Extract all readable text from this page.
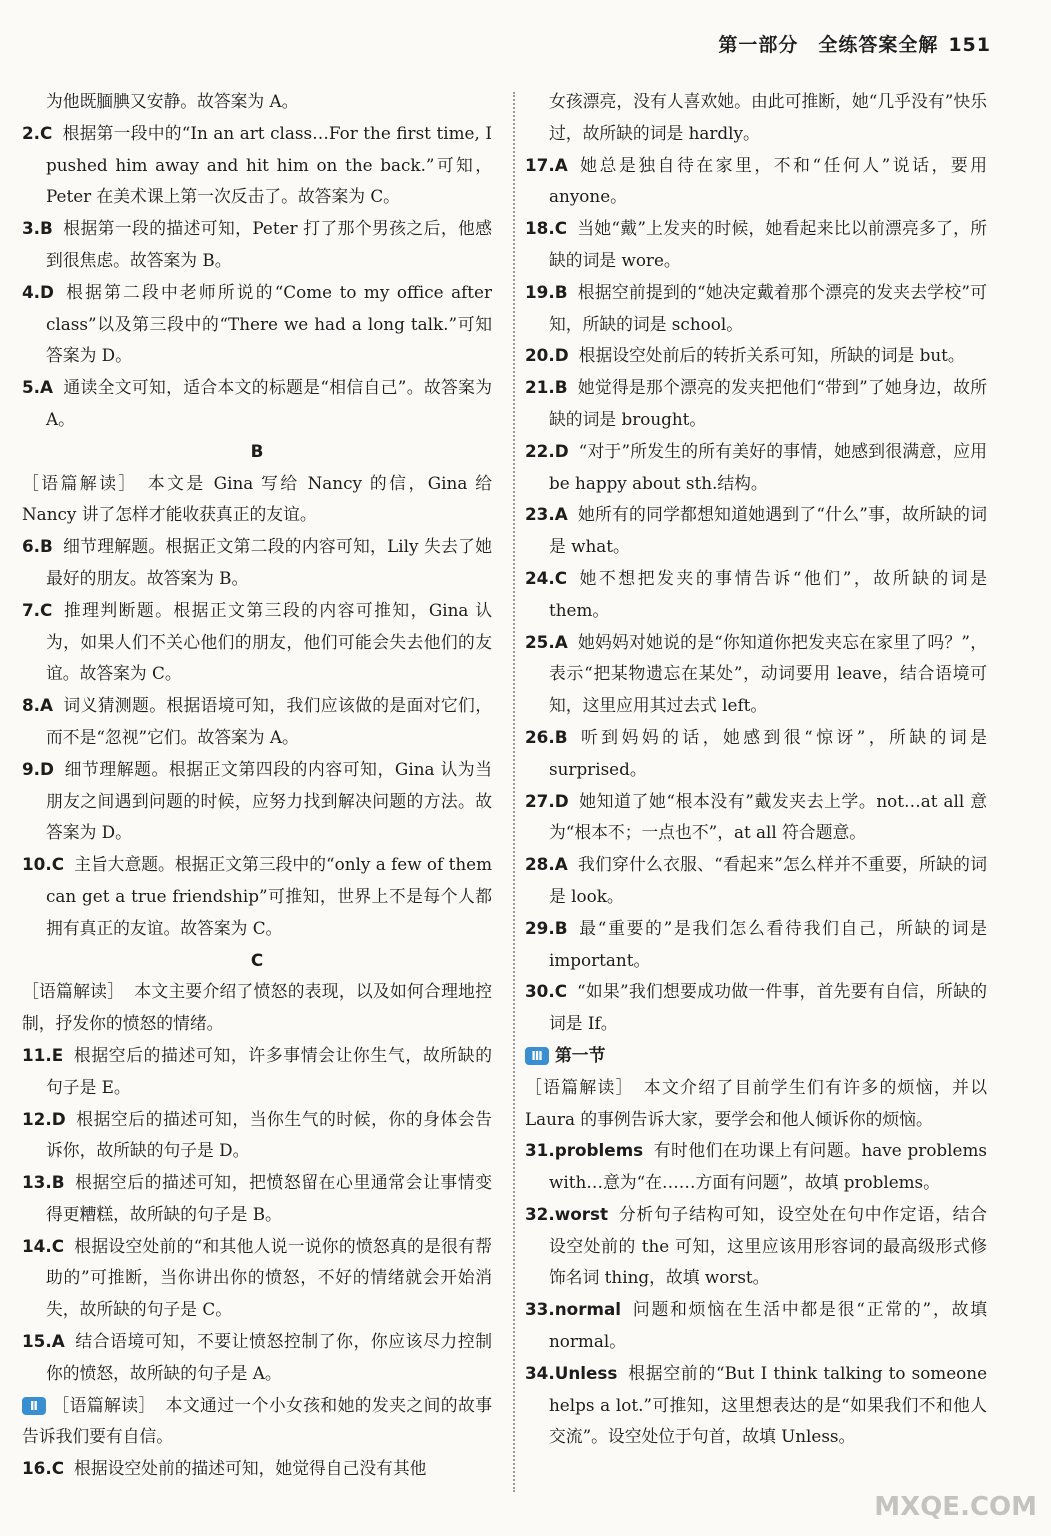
第一部分　全练答案全解 151
为他既腼腆又安静。故答案为 A。
2.C 根据第一段中的“In an art class…For the first time, I pushed him away and hit him on the back.”可知，Peter 在美术课上第一次反击了。故答案为 C。
3.B 根据第一段的描述可知，Peter 打了那个男孩之后，他感到很焦虑。故答案为 B。
4.D 根据第二段中老师所说的“Come to my office after class”以及第三段中的“There we had a long talk.”可知答案为 D。
5.A 通读全文可知，适合本文的标题是“相信自己”。故答案为 A。
B
［语篇解读］ 本文是 Gina 写给 Nancy 的信，Gina 给 Nancy 讲了怎样才能收获真正的友谊。
6.B 细节理解题。根据正文第二段的内容可知，Lily 失去了她最好的朋友。故答案为 B。
7.C 推理判断题。根据正文第三段的内容可推知，Gina 认为，如果人们不关心他们的朋友，他们可能会失去他们的友谊。故答案为 C。
8.A 词义猜测题。根据语境可知，我们应该做的是面对它们，而不是“忽视”它们。故答案为 A。
9.D 细节理解题。根据正文第四段的内容可知，Gina 认为当朋友之间遇到问题的时候，应努力找到解决问题的方法。故答案为 D。
10.C 主旨大意题。根据正文第三段中的“only a few of them can get a true friendship”可推知，世界上不是每个人都拥有真正的友谊。故答案为 C。
C
［语篇解读］ 本文主要介绍了愤怒的表现，以及如何合理地控制，抒发你的愤怒的情绪。
11.E 根据空后的描述可知，许多事情会让你生气，故所缺的句子是 E。
12.D 根据空后的描述可知，当你生气的时候，你的身体会告诉你，故所缺的句子是 D。
13.B 根据空后的描述可知，把愤怒留在心里通常会让事情变得更糟糕，故所缺的句子是 B。
14.C 根据设空处前的“和其他人说一说你的愤怒真的是很有帮助的”可推断，当你讲出你的愤怒，不好的情绪就会开始消失，故所缺的句子是 C。
15.A 结合语境可知，不要让愤怒控制了你，你应该尽力控制你的愤怒，故所缺的句子是 A。
Ⅱ ［语篇解读］ 本文通过一个小女孩和她的发夹之间的故事告诉我们要有自信。
16.C 根据设空处前的描述可知，她觉得自己没有其他
女孩漂亮，没有人喜欢她。由此可推断，她“几乎没有”快乐过，故所缺的词是 hardly。
17.A 她总是独自待在家里，不和“任何人”说话，要用 anyone。
18.C 当她“戴”上发夹的时候，她看起来比以前漂亮多了，所缺的词是 wore。
19.B 根据空前提到的“她决定戴着那个漂亮的发夹去学校”可知，所缺的词是 school。
20.D 根据设空处前后的转折关系可知，所缺的词是 but。
21.B 她觉得是那个漂亮的发夹把他们“带到”了她身边，故所缺的词是 brought。
22.D “对于”所发生的所有美好的事情，她感到很满意，应用 be happy about sth.结构。
23.A 她所有的同学都想知道她遇到了“什么”事，故所缺的词是 what。
24.C 她不想把发夹的事情告诉“他们”，故所缺的词是 them。
25.A 她妈妈对她说的是“你知道你把发夹忘在家里了吗？”，表示“把某物遗忘在某处”，动词要用 leave，结合语境可知，这里应用其过去式 left。
26.B 听到妈妈的话，她感到很“惊讶”，所缺的词是 surprised。
27.D 她知道了她“根本没有”戴发夹去上学。not…at all 意为“根本不；一点也不”，at all 符合题意。
28.A 我们穿什么衣服、“看起来”怎么样并不重要，所缺的词是 look。
29.B 最“重要的”是我们怎么看待我们自己，所缺的词是 important。
30.C “如果”我们想要成功做一件事，首先要有自信，所缺的词是 If。
Ⅲ 第一节
［语篇解读］ 本文介绍了目前学生们有许多的烦恼，并以 Laura 的事例告诉大家，要学会和他人倾诉你的烦恼。
31.problems 有时他们在功课上有问题。have problems with…意为“在……方面有问题”，故填 problems。
32.worst 分析句子结构可知，设空处在句中作定语，结合设空处前的 the 可知，这里应该用形容词的最高级形式修饰名词 thing，故填 worst。
33.normal 问题和烦恼在生活中都是很“正常的”，故填 normal。
34.Unless 根据空前的“But I think talking to someone helps a lot.”可推知，这里想表达的是“如果我们不和他人交流”。设空处位于句首，故填 Unless。
MXQE.COM
